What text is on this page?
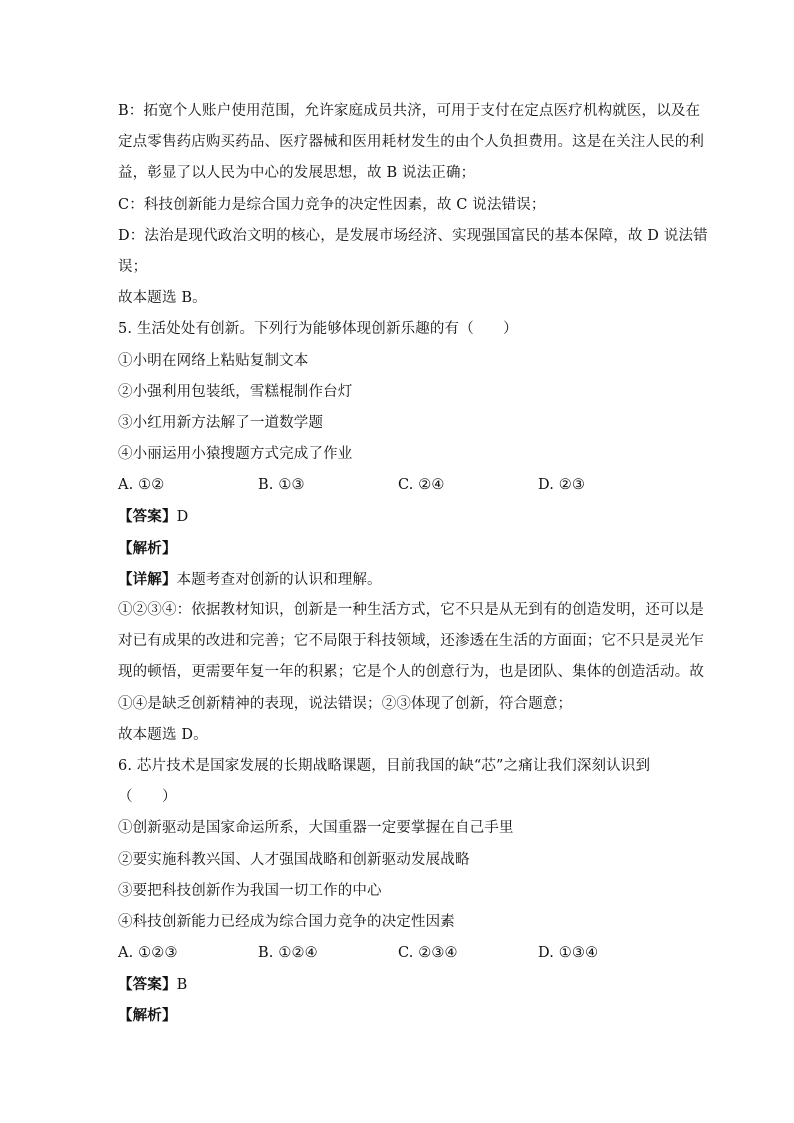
B：拓宽个人账户使用范围，允许家庭成员共济，可用于支付在定点医疗机构就医，以及在
定点零售药店购买药品、医疗器械和医用耗材发生的由个人负担费用。这是在关注人民的利
益，彰显了以人民为中心的发展思想，故 B 说法正确；
C：科技创新能力是综合国力竞争的决定性因素，故 C 说法错误；
D：法治是现代政治文明的核心，是发展市场经济、实现强国富民的基本保障，故 D 说法错
误；
故本题选 B。
5. 生活处处有创新。下列行为能够体现创新乐趣的有（　　）
①小明在网络上粘贴复制文本
②小强利用包装纸，雪糕棍制作台灯
③小红用新方法解了一道数学题
④小丽运用小猿搜题方式完成了作业
A. ①②	B. ①③	C. ②④	D. ②③
【答案】D
【解析】
【详解】本题考查对创新的认识和理解。
①②③④：依据教材知识，创新是一种生活方式，它不只是从无到有的创造发明，还可以是
对已有成果的改进和完善；它不局限于科技领域，还渗透在生活的方面面；它不只是灵光乍
现的顿悟，更需要年复一年的积累；它是个人的创意行为，也是团队、集体的创造活动。故
①④是缺乏创新精神的表现，说法错误；②③体现了创新，符合题意；
故本题选 D。
6. 芯片技术是国家发展的长期战略课题，目前我国的缺“芯”之痛让我们深刻认识到
（　　）
①创新驱动是国家命运所系，大国重器一定要掌握在自己手里
②要实施科教兴国、人才强国战略和创新驱动发展战略
③要把科技创新作为我国一切工作的中心
④科技创新能力已经成为综合国力竞争的决定性因素
A. ①②③	B. ①②④	C. ②③④	D. ①③④
【答案】B
【解析】
